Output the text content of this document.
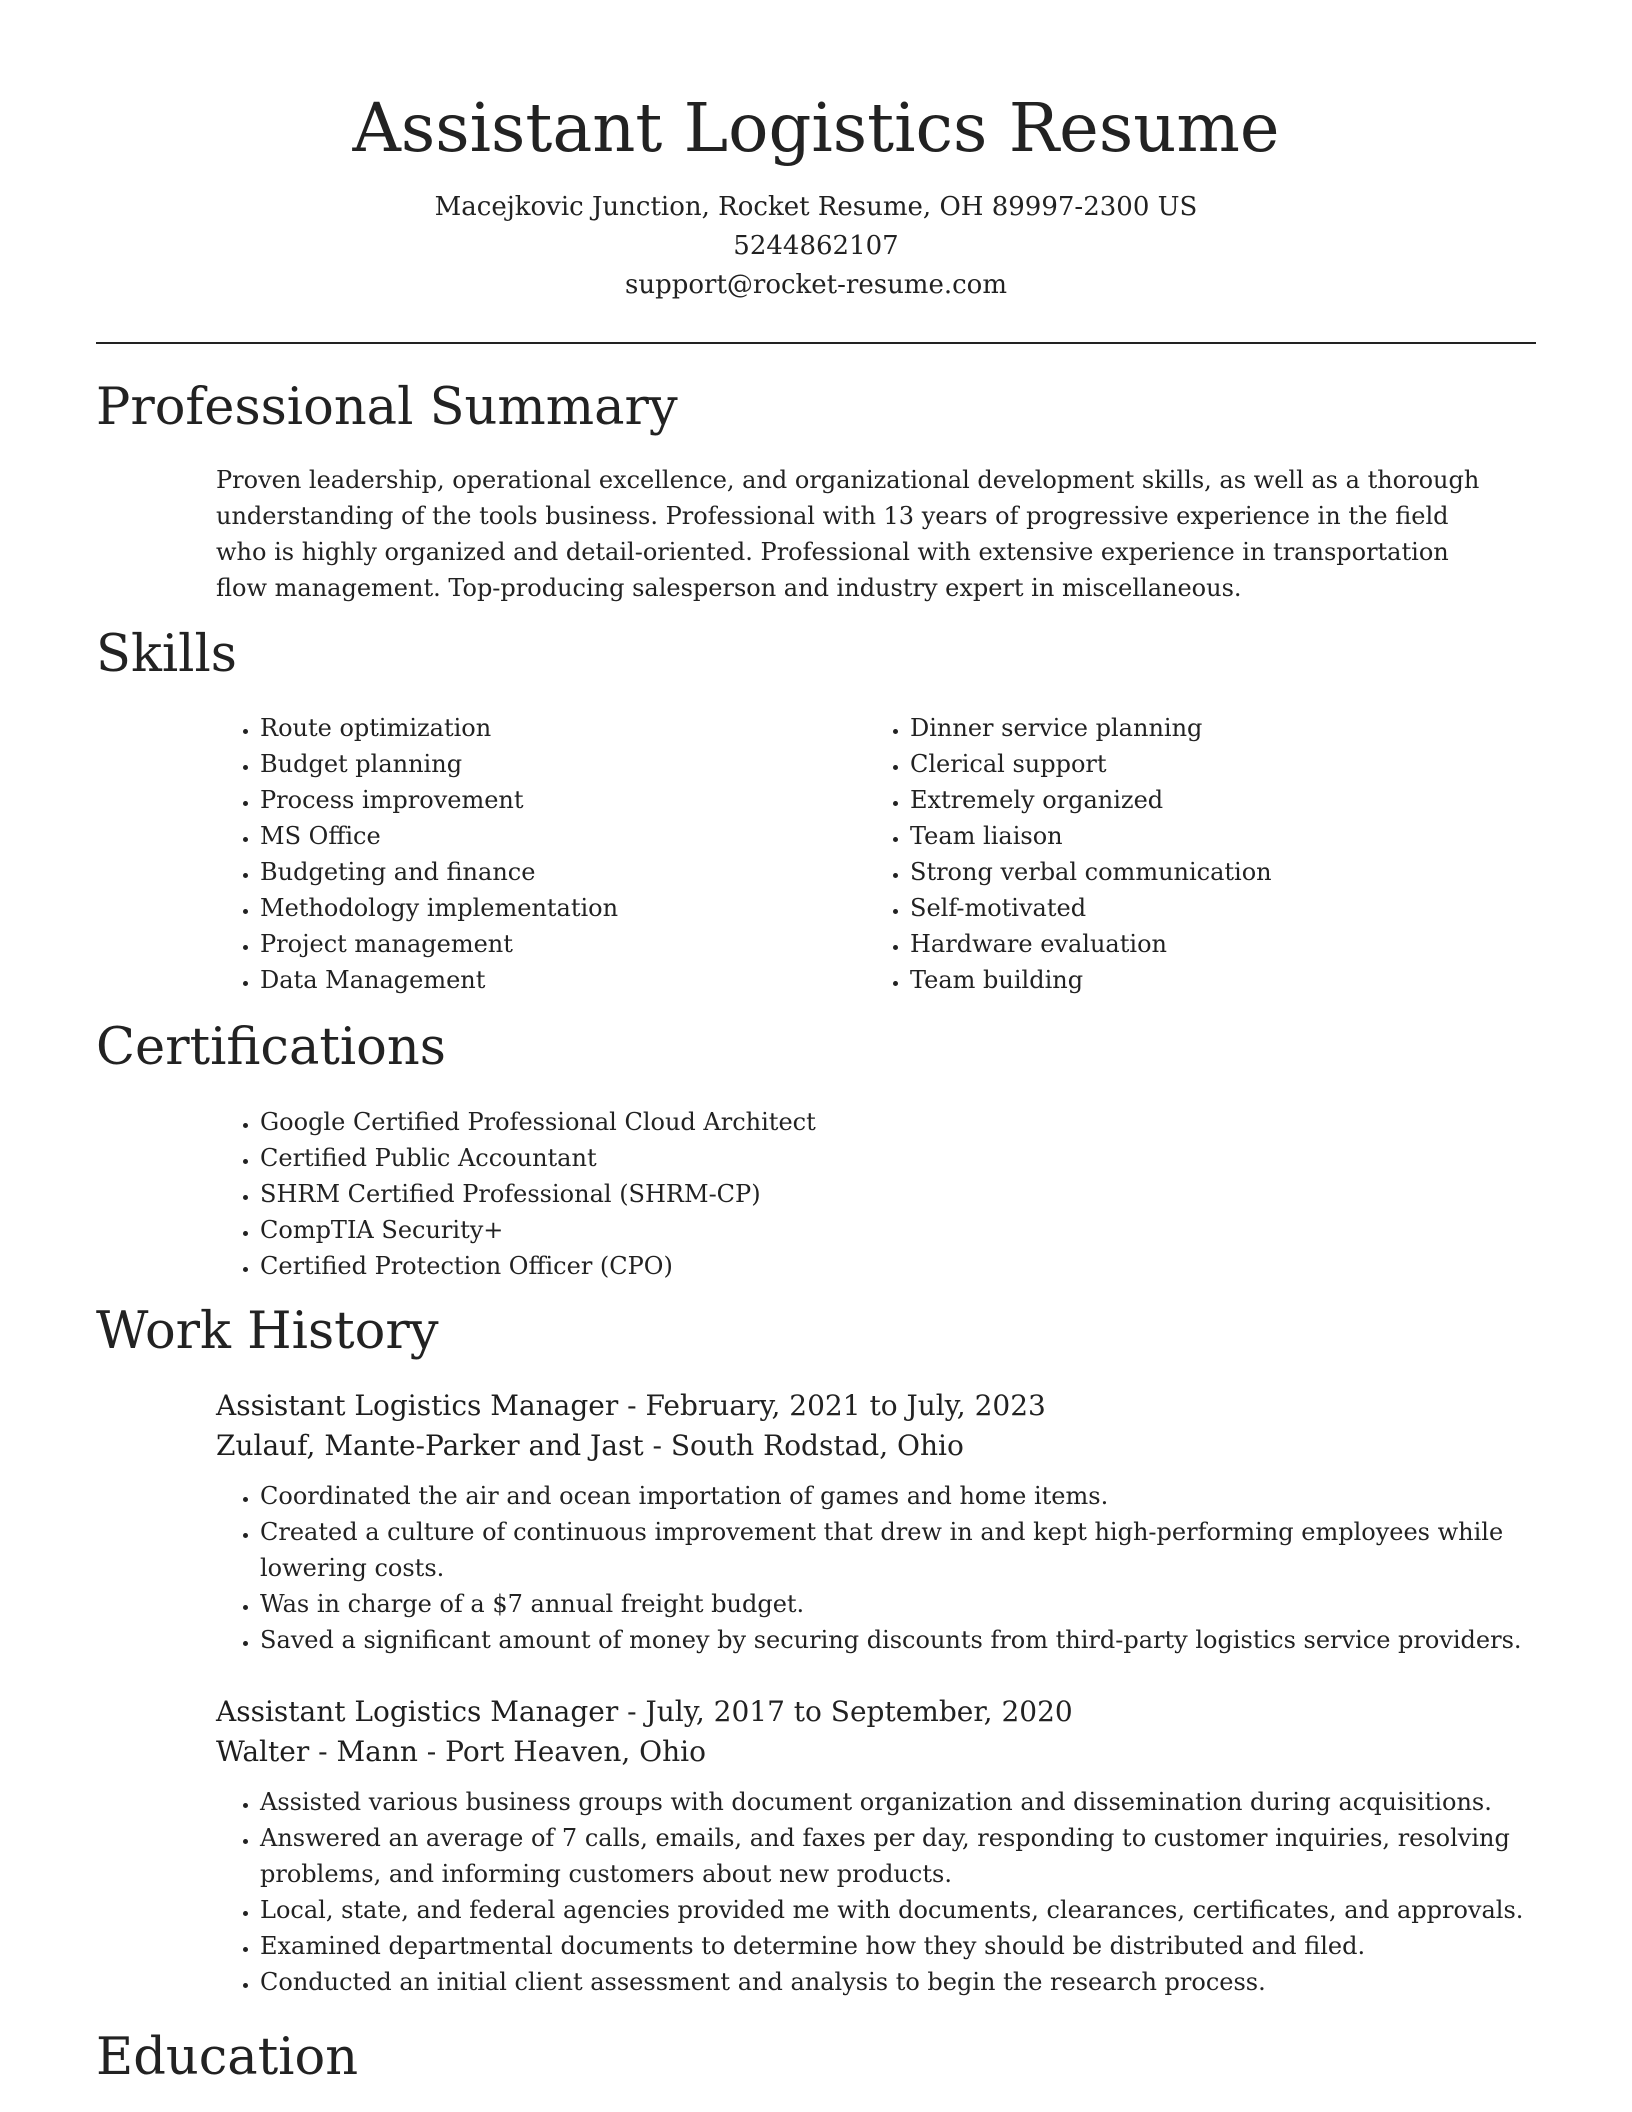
Assistant Logistics Resume
Macejkovic Junction, Rocket Resume, OH 89997-2300 US
5244862107
support@rocket-resume.com
Professional Summary

Proven leadership, operational excellence, and organizational development skills, as well as a thorough understanding of the tools business. Professional with 13 years of progressive experience in the field who is highly organized and detail-oriented. Professional with extensive experience in transportation flow management. Top-producing salesperson and industry expert in miscellaneous.

Skills
• Route optimization
• Budget planning
• Process improvement
• MS Office
• Budgeting and finance
• Methodology implementation
• Project management
• Data Management
• Dinner service planning
• Clerical support
• Extremely organized
• Team liaison
• Strong verbal communication
• Self-motivated
• Hardware evaluation
• Team building
Certifications
• Google Certified Professional Cloud Architect
• Certified Public Accountant
• SHRM Certified Professional (SHRM-CP)
• CompTIA Security+
• Certified Protection Officer (CPO)
Work History
Assistant Logistics Manager - February, 2021 to July, 2023
Zulauf, Mante-Parker and Jast - South Rodstad, Ohio
• Coordinated the air and ocean importation of games and home items.
• Created a culture of continuous improvement that drew in and kept high-performing employees while lowering costs.
• Was in charge of a $7 annual freight budget.
• Saved a significant amount of money by securing discounts from third-party logistics service providers.
Assistant Logistics Manager - July, 2017 to September, 2020
Walter - Mann - Port Heaven, Ohio
• Assisted various business groups with document organization and dissemination during acquisitions.
• Answered an average of 7 calls, emails, and faxes per day, responding to customer inquiries, resolving problems, and informing customers about new products.
• Local, state, and federal agencies provided me with documents, clearances, certificates, and approvals.
• Examined departmental documents to determine how they should be distributed and filed.
• Conducted an initial client assessment and analysis to begin the research process.
Education
